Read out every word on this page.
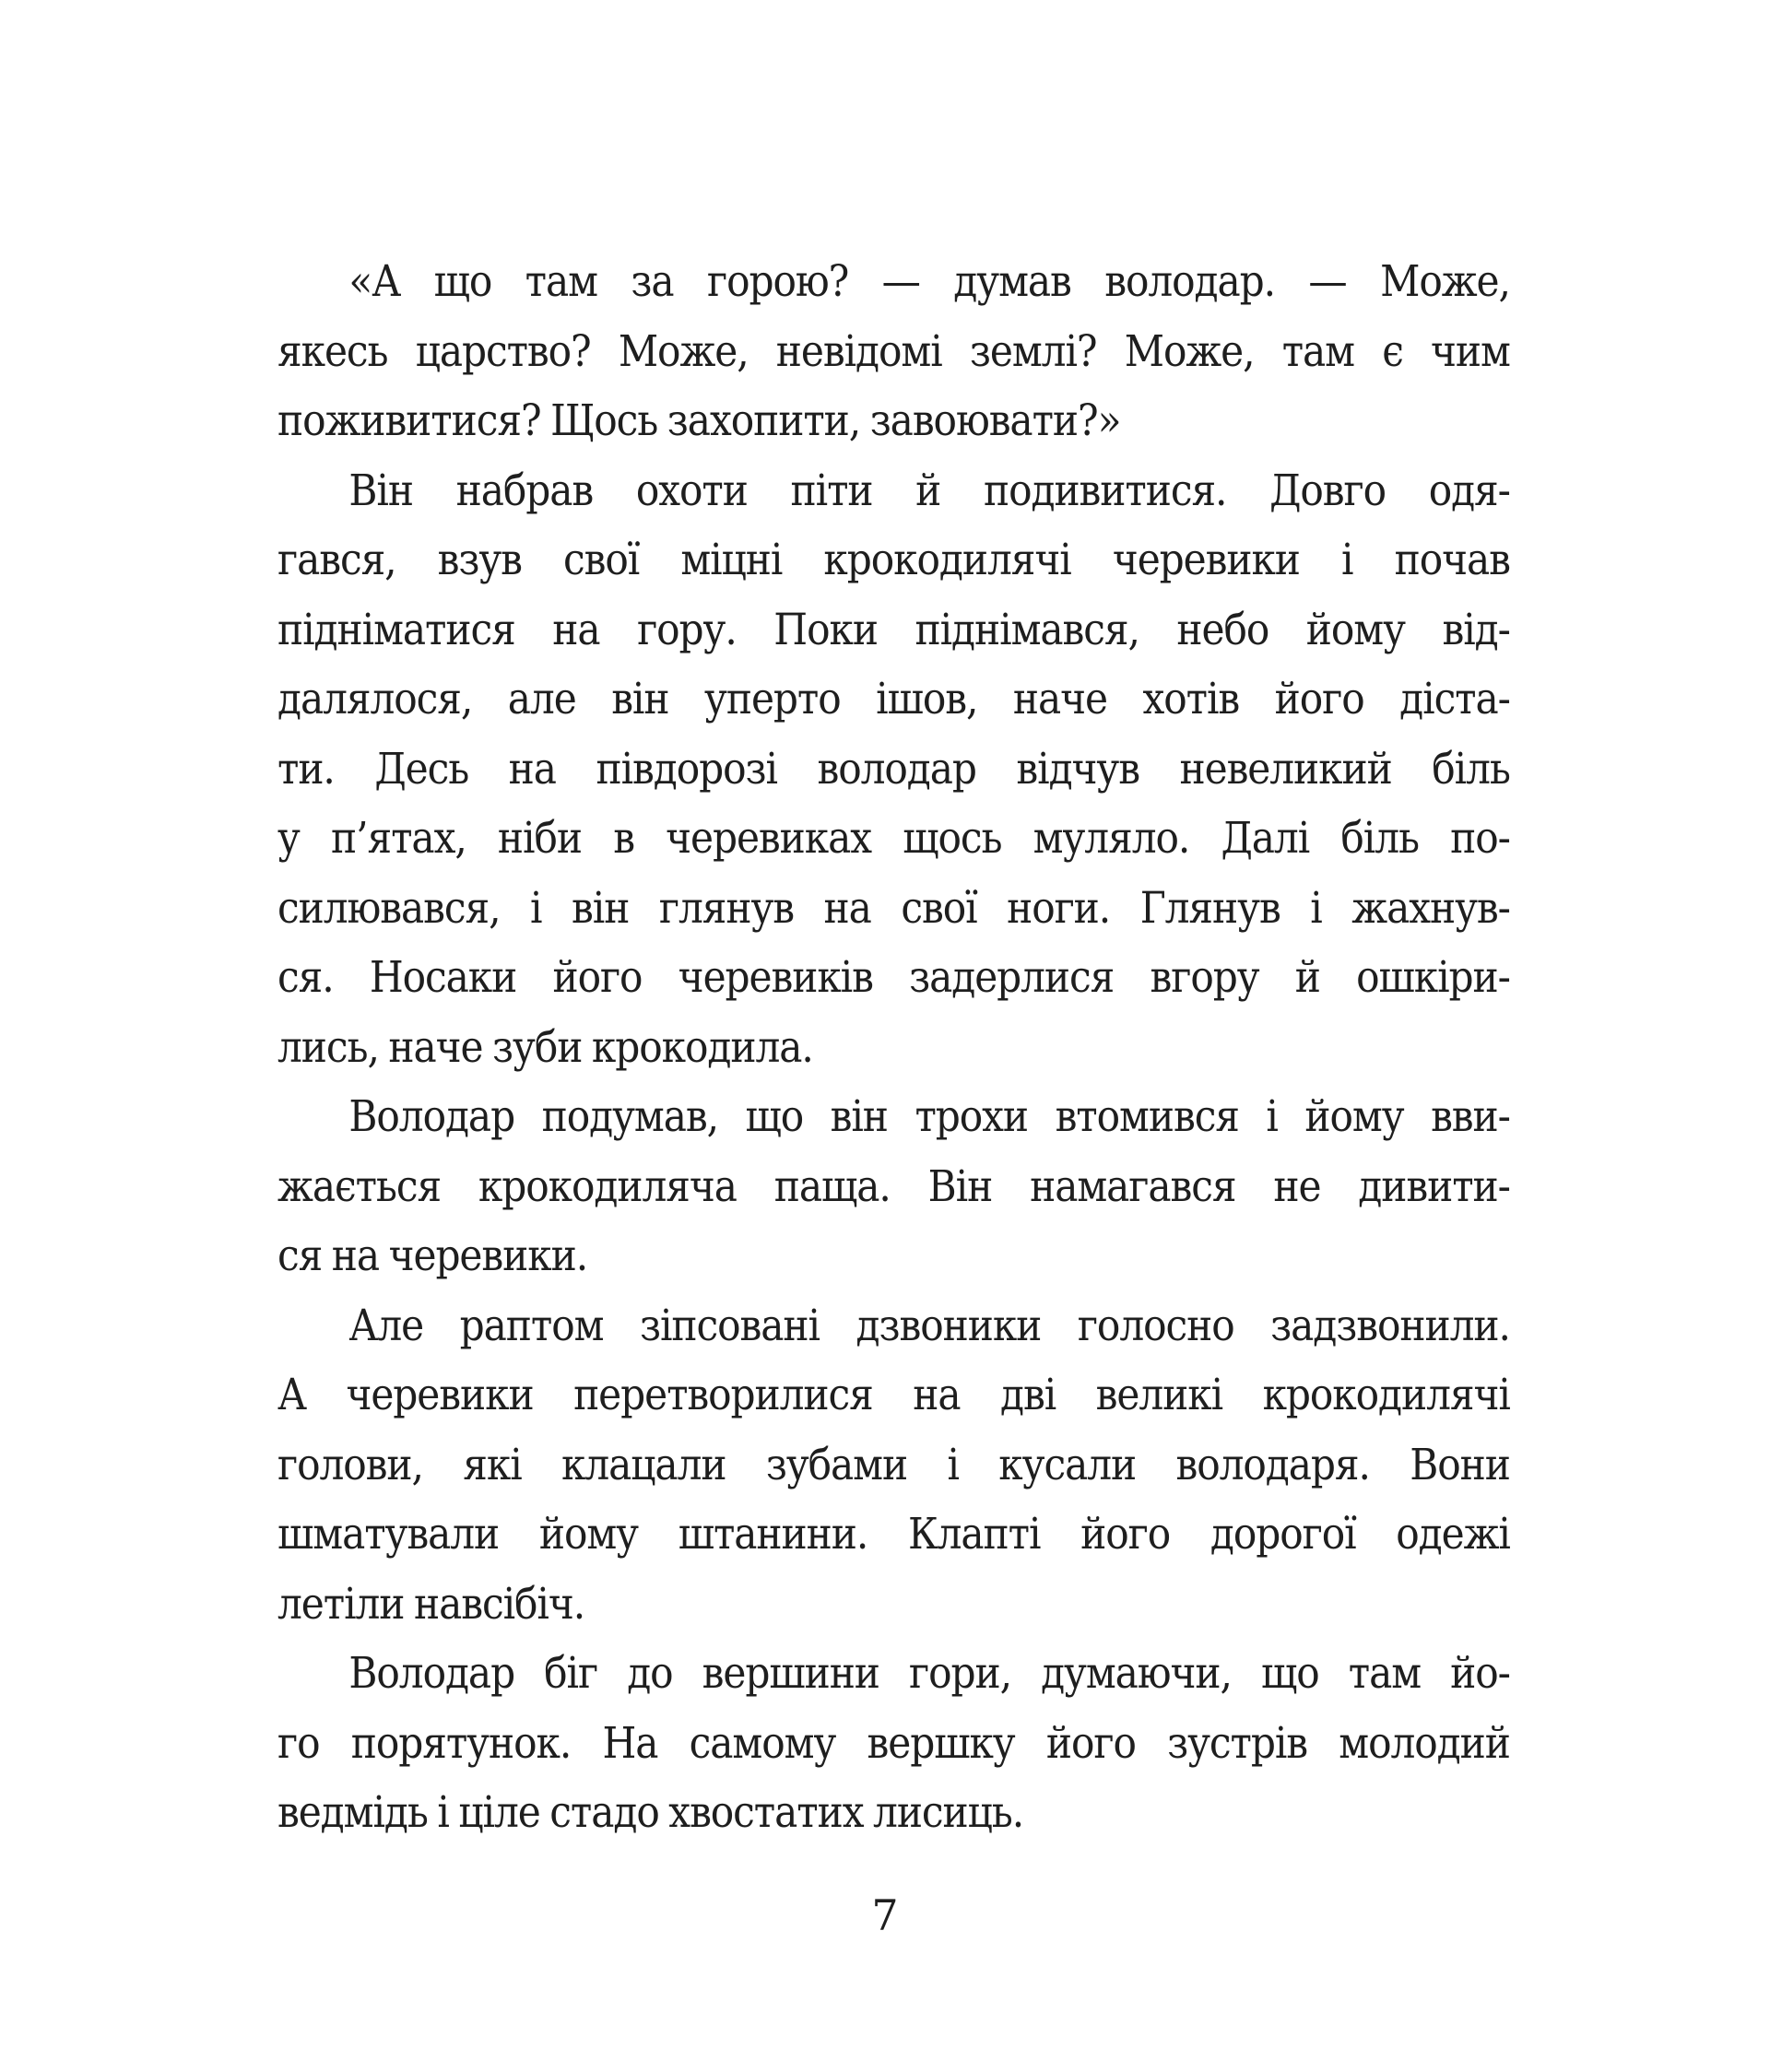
«А що там за горою? — думав володар. — Може,
якесь царство? Може, невідомі землі? Може, там є чим
поживитися? Щось захопити, завоювати?»
Він набрав охоти піти й подивитися. Довго одя-
гався, взув свої міцні крокодилячі черевики і почав
підніматися на гору. Поки піднімався, небо йому від-
далялося, але він уперто ішов, наче хотів його діста-
ти. Десь на півдорозі володар відчув невеликий біль
у п’ятах, ніби в черевиках щось муляло. Далі біль по-
силювався, і він глянув на свої ноги. Глянув і жахнув-
ся. Носаки його черевиків задерлися вгору й ошкіри-
лись, наче зуби крокодила.
Володар подумав, що він трохи втомився і йому вви-
жається крокодиляча паща. Він намагався не дивити-
ся на черевики.
Але раптом зіпсовані дзвоники голосно задзвонили.
А черевики перетворилися на дві великі крокодилячі
голови, які клацали зубами і кусали володаря. Вони
шматували йому штанини. Клапті його дорогої одежі
летіли навсібіч.
Володар біг до вершини гори, думаючи, що там йо-
го порятунок. На самому вершку його зустрів молодий
ведмідь і ціле стадо хвостатих лисиць.
7
